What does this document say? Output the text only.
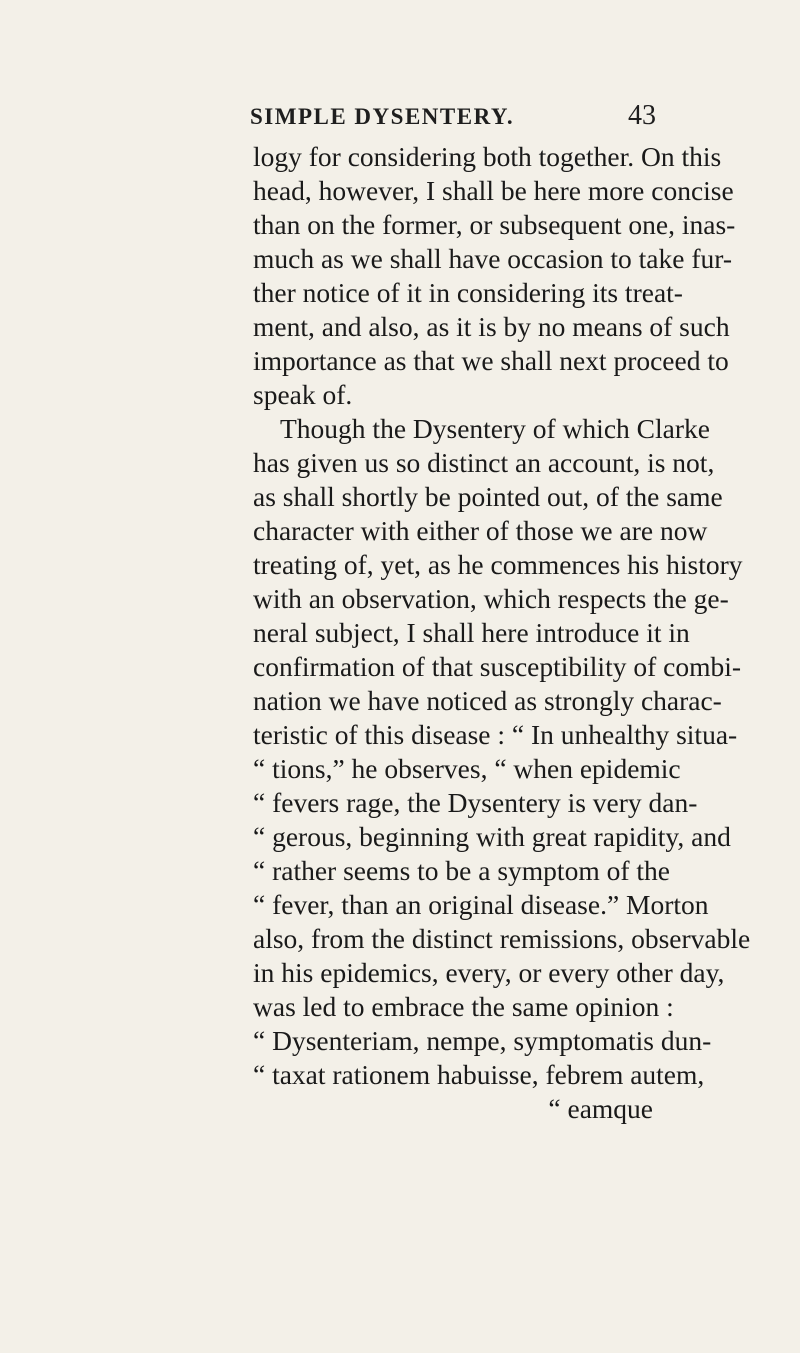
SIMPLE DYSENTERY.	43
logy for considering both together. On this
head, however, I shall be here more concise
than on the former, or subsequent one, inas-
much as we shall have occasion to take fur-
ther notice of it in considering its treat-
ment, and also, as it is by no means of such
importance as that we shall next proceed to
speak of.
Though the Dysentery of which Clarke
has given us so distinct an account, is not,
as shall shortly be pointed out, of the same
character with either of those we are now
treating of, yet, as he commences his history
with an observation, which respects the ge-
neral subject, I shall here introduce it in
confirmation of that susceptibility of combi-
nation we have noticed as strongly charac-
teristic of this disease : “ In unhealthy situa-
“ tions,” he observes, “ when epidemic
“ fevers rage, the Dysentery is very dan-
“ gerous, beginning with great rapidity, and
“ rather seems to be a symptom of the
“ fever, than an original disease.” Morton
also, from the distinct remissions, observable
in his epidemics, every, or every other day,
was led to embrace the same opinion :
“ Dysenteriam, nempe, symptomatis dun-
“ taxat rationem habuisse, febrem autem,
“ eamque
